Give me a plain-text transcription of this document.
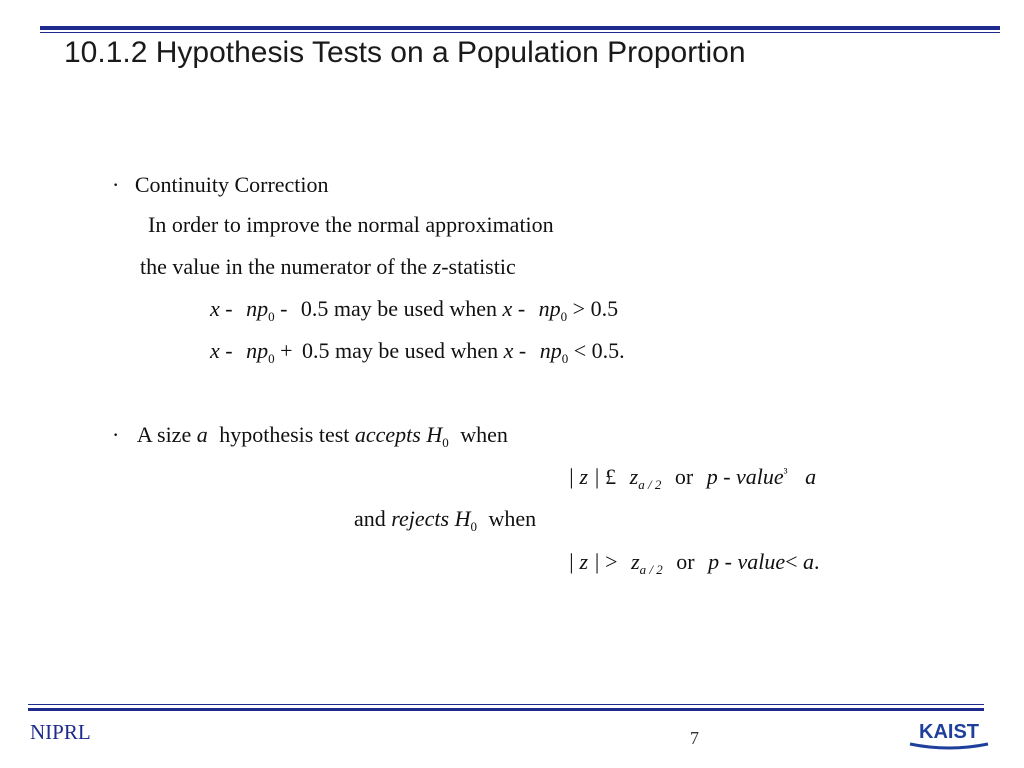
10.1.2 Hypothesis Tests on a Population Proportion
· Continuity Correction
In order to improve the normal approximation
the value in the numerator of the z-statistic
x - $np_0 - 0.5$ may be used when $x - np_0 > 0.5$
$x - np_0 + 0.5$ may be used when $x - np_0 < 0.5$.
· A size a hypothesis test accepts $H_0$ when
| z | £ $z_{a / 2}$ or p - value$^{^3}$ a
and rejects $H_0$ when
| z | > $z_{a / 2}$ or p - value< a.
NIPRL	7	KAIST
